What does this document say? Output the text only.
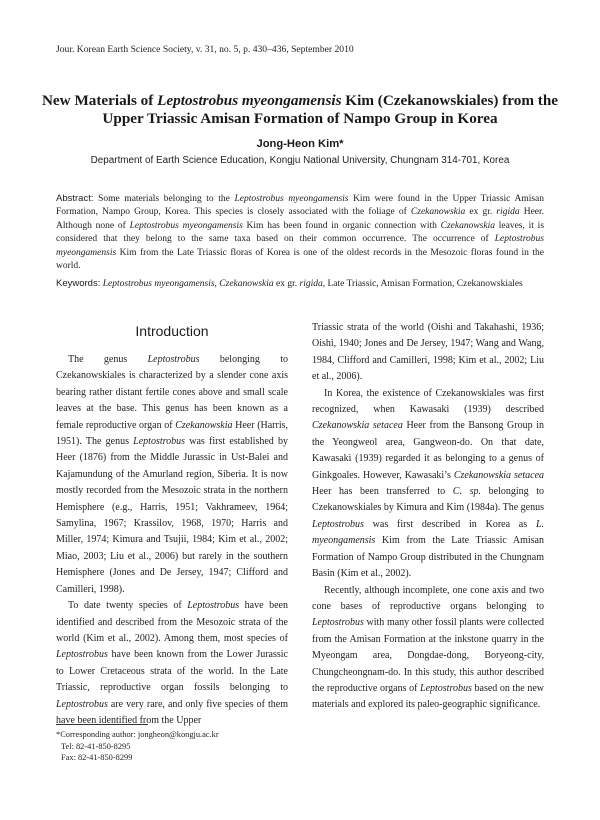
Jour. Korean Earth Science Society, v. 31, no. 5, p. 430–436, September 2010
New Materials of Leptostrobus myeongamensis Kim (Czekanowskiales) from the Upper Triassic Amisan Formation of Nampo Group in Korea
Jong-Heon Kim*
Department of Earth Science Education, Kongju National University, Chungnam 314-701, Korea

Abstract: Some materials belonging to the Leptostrobus myeongamensis Kim were found in the Upper Triassic Amisan Formation, Nampo Group, Korea. This species is closely associated with the foliage of Czekanowskia ex gr. rigida Heer. Although none of Leptostrobus myeongamensis Kim has been found in organic connection with Czekanowskia leaves, it is considered that they belong to the same taxa based on their common occurrence. The occurrence of Leptostrobus myeongamensis Kim from the Late Triassic floras of Korea is one of the oldest records in the Mesozoic floras found in the world.

Keywords: Leptostrobus myeongamensis, Czekanowskia ex gr. rigida, Late Triassic, Amisan Formation, Czekanowskiales

Introduction

The genus Leptostrobus belonging to Czekanowskiales is characterized by a slender cone axis bearing rather distant fertile cones above and small scale leaves at the base. This genus has been known as a female reproductive organ of Czekanowskia Heer (Harris, 1951). The genus Leptostrobus was first established by Heer (1876) from the Middle Jurassic in Ust-Balei and Kajamundung of the Amurland region, Siberia. It is now mostly recorded from the Mesozoic strata in the northern Hemisphere (e.g., Harris, 1951; Vakhrameev, 1964; Samylina, 1967; Krassilov, 1968, 1970; Harris and Miller, 1974; Kimura and Tsujii, 1984; Kim et al., 2002; Miao, 2003; Liu et al., 2006) but rarely in the southern Hemisphere (Jones and De Jersey, 1947; Clifford and Camilleri, 1998).

To date twenty species of Leptostrobus have been identified and described from the Mesozoic strata of the world (Kim et al., 2002). Among them, most species of Leptostrobus have been known from the Lower Jurassic to Lower Cretaceous strata of the world. In the Late Triassic, reproductive organ fossils belonging to Leptostrobus are very rare, and only five species of them have been identified from the Upper

Triassic strata of the world (Oishi and Takahashi, 1936; Oishi, 1940; Jones and De Jersey, 1947; Wang and Wang, 1984, Clifford and Camilleri, 1998; Kim et al., 2002; Liu et al., 2006).

In Korea, the existence of Czekanowskiales was first recognized, when Kawasaki (1939) described Czekanowskia setacea Heer from the Bansong Group in the Yeongweol area, Gangweon-do. On that date, Kawasaki (1939) regarded it as belonging to a genus of Ginkgoales. However, Kawasaki’s Czekanowskia setacea Heer has been transferred to C. sp. belonging to Czekanowskiales by Kimura and Kim (1984a). The genus Leptostrobus was first described in Korea as L. myeongamensis Kim from the Late Triassic Amisan Formation of Nampo Group distributed in the Chungnam Basin (Kim et al., 2002).

Recently, although incomplete, one cone axis and two cone bases of reproductive organs belonging to Leptostrobus with many other fossil plants were collected from the Amisan Formation at the inkstone quarry in the Myeongam area, Dongdae-dong, Boryeong-city, Chungcheongnam-do. In this study, this author described the reproductive organs of Leptostrobus based on the new materials and explored its paleo-geographic significance.

*Corresponding author: jongheon@kongju.ac.kr
Tel: 82-41-850-8295
Fax: 82-41-850-8299
